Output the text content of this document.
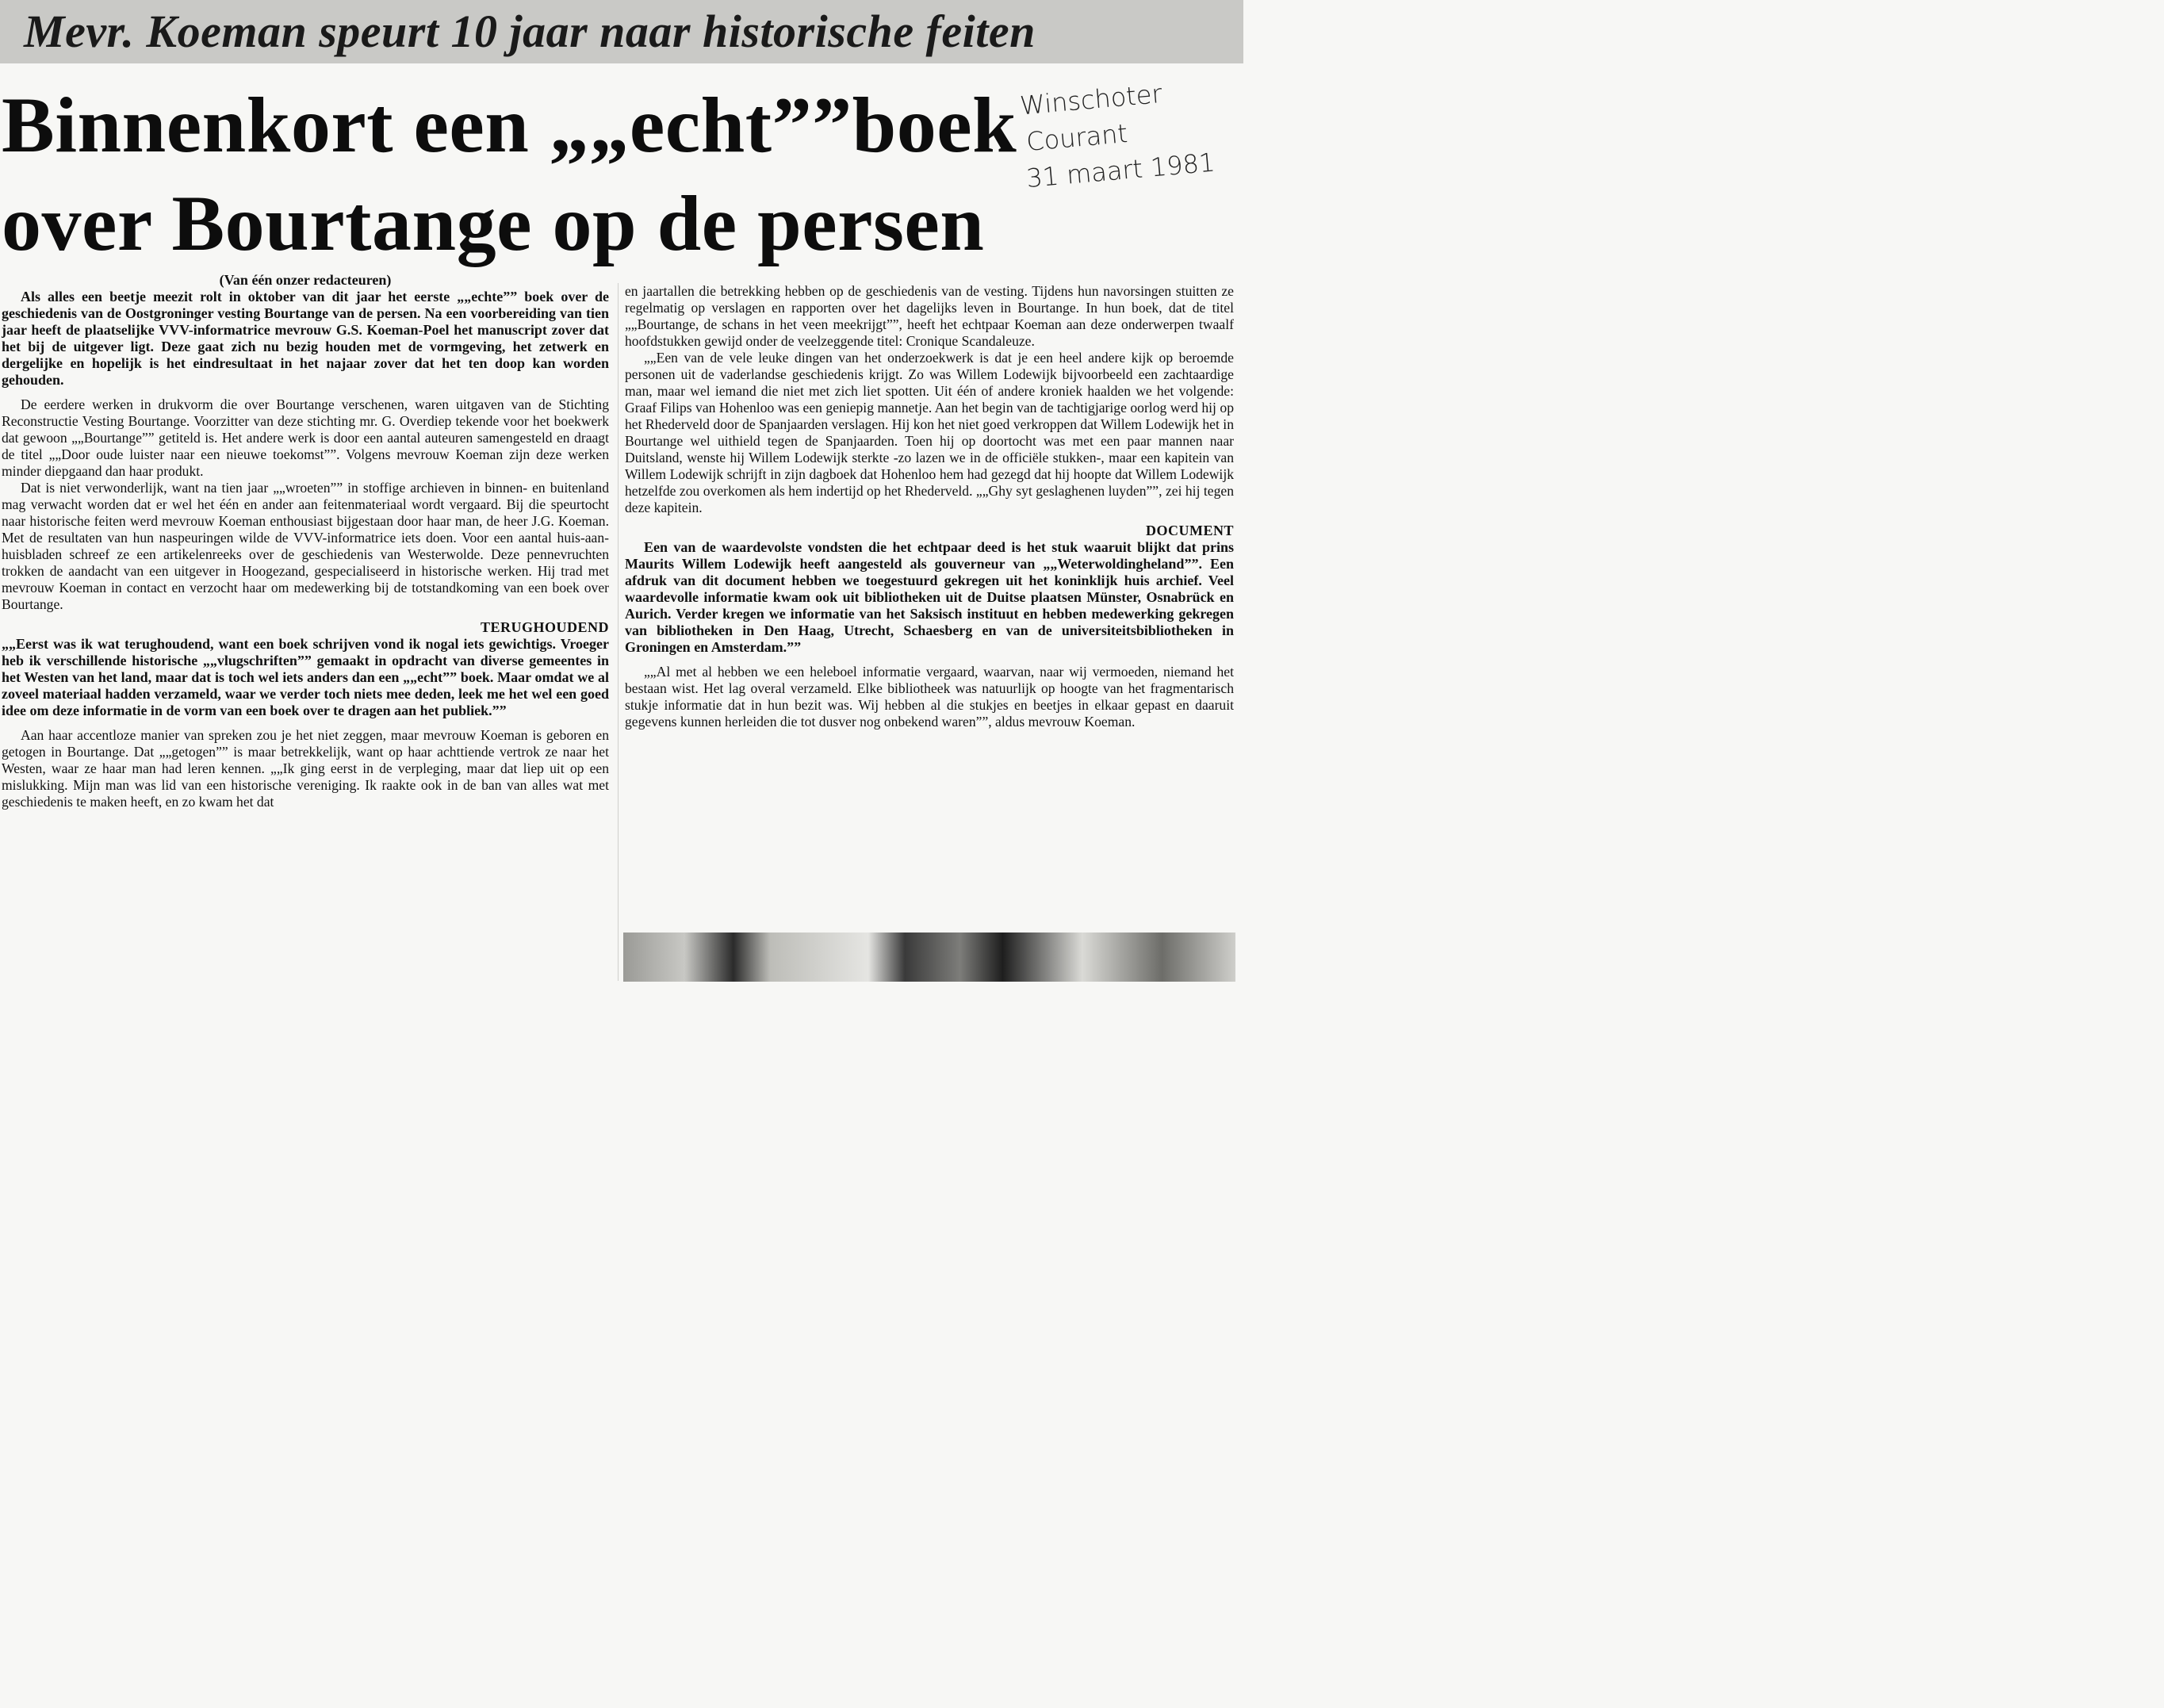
Mevr. Koeman speurt 10 jaar naar historische feiten
Binnenkort een „„echt””boek
over Bourtange op de persen
Winschoter
Courant
31 maart 1981

(Van één onzer redacteuren)

Als alles een beetje meezit rolt in oktober van dit jaar het eerste „„echte”” boek over de geschiedenis van de Oostgroninger vesting Bourtange van de persen. Na een voorbereiding van tien jaar heeft de plaatselijke VVV-informatrice mevrouw G.S. Koeman-Poel het manuscript zover dat het bij de uitgever ligt. Deze gaat zich nu bezig houden met de vormgeving, het zetwerk en dergelijke en hopelijk is het eindresultaat in het najaar zover dat het ten doop kan worden gehouden.

De eerdere werken in drukvorm die over Bourtange verschenen, waren uitgaven van de Stichting Reconstructie Vesting Bourtange. Voorzitter van deze stichting mr. G. Overdiep tekende voor het boekwerk dat gewoon „„Bourtange”” getiteld is. Het andere werk is door een aantal auteuren samengesteld en draagt de titel „„Door oude luister naar een nieuwe toekomst””. Volgens mevrouw Koeman zijn deze werken minder diepgaand dan haar produkt.

Dat is niet verwonderlijk, want na tien jaar „„wroeten”” in stoffige archieven in binnen- en buitenland mag verwacht worden dat er wel het één en ander aan feitenmateriaal wordt vergaard. Bij die speurtocht naar historische feiten werd mevrouw Koeman enthousiast bijgestaan door haar man, de heer J.G. Koeman. Met de resultaten van hun naspeuringen wilde de VVV-informatrice iets doen. Voor een aantal huis-aan-huisbladen schreef ze een artikelenreeks over de geschiedenis van Westerwolde. Deze pennevruchten trokken de aandacht van een uitgever in Hoogezand, gespecialiseerd in historische werken. Hij trad met mevrouw Koeman in contact en verzocht haar om medewerking bij de totstandkoming van een boek over Bourtange.

TERUGHOUDEND

„„Eerst was ik wat terughoudend, want een boek schrijven vond ik nogal iets gewichtigs. Vroeger heb ik verschillende historische „„vlugschriften”” gemaakt in opdracht van diverse gemeentes in het Westen van het land, maar dat is toch wel iets anders dan een „„echt”” boek. Maar omdat we al zoveel materiaal hadden verzameld, waar we verder toch niets mee deden, leek me het wel een goed idee om deze informatie in de vorm van een boek over te dragen aan het publiek.””

Aan haar accentloze manier van spreken zou je het niet zeggen, maar mevrouw Koeman is geboren en getogen in Bourtange. Dat „„getogen”” is maar betrekkelijk, want op haar achttiende vertrok ze naar het Westen, waar ze haar man had leren kennen. „„Ik ging eerst in de verpleging, maar dat liep uit op een mislukking. Mijn man was lid van een historische vereniging. Ik raakte ook in de ban van alles wat met geschiedenis te maken heeft, en zo kwam het dat

en jaartallen die betrekking hebben op de geschiedenis van de vesting. Tijdens hun navorsingen stuitten ze regelmatig op verslagen en rapporten over het dagelijks leven in Bourtange. In hun boek, dat de titel „„Bourtange, de schans in het veen meekrijgt””, heeft het echtpaar Koeman aan deze onderwerpen twaalf hoofdstukken gewijd onder de veelzeggende titel: Cronique Scandaleuze.

„„Een van de vele leuke dingen van het onderzoekwerk is dat je een heel andere kijk op beroemde personen uit de vaderlandse geschiedenis krijgt. Zo was Willem Lodewijk bijvoorbeeld een zachtaardige man, maar wel iemand die niet met zich liet spotten. Uit één of andere kroniek haalden we het volgende: Graaf Filips van Hohenloo was een geniepig mannetje. Aan het begin van de tachtigjarige oorlog werd hij op het Rhederveld door de Spanjaarden verslagen. Hij kon het niet goed verkroppen dat Willem Lodewijk het in Bourtange wel uithield tegen de Spanjaarden. Toen hij op doortocht was met een paar mannen naar Duitsland, wenste hij Willem Lodewijk sterkte -zo lazen we in de officiële stukken-, maar een kapitein van Willem Lodewijk schrijft in zijn dagboek dat Hohenloo hem had gezegd dat hij hoopte dat Willem Lodewijk hetzelfde zou overkomen als hem indertijd op het Rhederveld. „„Ghy syt geslaghenen luyden””, zei hij tegen deze kapitein.

DOCUMENT

Een van de waardevolste vondsten die het echtpaar deed is het stuk waaruit blijkt dat prins Maurits Willem Lodewijk heeft aangesteld als gouverneur van „„Weterwoldingheland””. Een afdruk van dit document hebben we toegestuurd gekregen uit het koninklijk huis archief. Veel waardevolle informatie kwam ook uit bibliotheken uit de Duitse plaatsen Münster, Osnabrück en Aurich. Verder kregen we informatie van het Saksisch instituut en hebben medewerking gekregen van bibliotheken in Den Haag, Utrecht, Schaesberg en van de universiteitsbibliotheken in Groningen en Amsterdam.””

„„Al met al hebben we een heleboel informatie vergaard, waarvan, naar wij vermoeden, niemand het bestaan wist. Het lag overal verzameld. Elke bibliotheek was natuurlijk op hoogte van het fragmentarisch stukje informatie dat in hun bezit was. Wij hebben al die stukjes en beetjes in elkaar gepast en daaruit gegevens kunnen herleiden die tot dusver nog onbekend waren””, aldus mevrouw Koeman.
